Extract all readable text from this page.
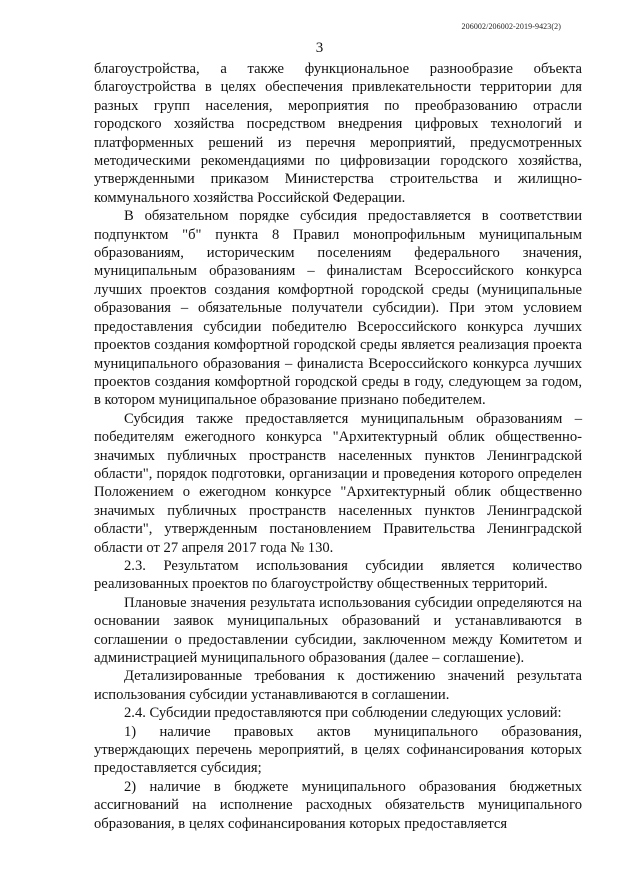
206002/206002-2019-9423(2)
3

благоустройства, а также функциональное разнообразие объекта благоустройства в целях обеспечения привлекательности территории для разных групп населения, мероприятия по преобразованию отрасли городского хозяйства посредством внедрения цифровых технологий и платформенных решений из перечня мероприятий, предусмотренных методическими рекомендациями по цифровизации городского хозяйства, утвержденными приказом Министерства строительства и жилищно-коммунального хозяйства Российской Федерации.

В обязательном порядке субсидия предоставляется в соответствии подпунктом "б" пункта 8 Правил монопрофильным муниципальным образованиям, историческим поселениям федерального значения, муниципальным образованиям – финалистам Всероссийского конкурса лучших проектов создания комфортной городской среды (муниципальные образования – обязательные получатели субсидии). При этом условием предоставления субсидии победителю Всероссийского конкурса лучших проектов создания комфортной городской среды является реализация проекта муниципального образования – финалиста Всероссийского конкурса лучших проектов создания комфортной городской среды в году, следующем за годом, в котором муниципальное образование признано победителем.

Субсидия также предоставляется муниципальным образованиям – победителям ежегодного конкурса "Архитектурный облик общественно-значимых публичных пространств населенных пунктов Ленинградской области", порядок подготовки, организации и проведения которого определен Положением о ежегодном конкурсе "Архитектурный облик общественно значимых публичных пространств населенных пунктов Ленинградской области", утвержденным постановлением Правительства Ленинградской области от 27 апреля 2017 года № 130.

2.3. Результатом использования субсидии является количество реализованных проектов по благоустройству общественных территорий.

Плановые значения результата использования субсидии определяются на основании заявок муниципальных образований и устанавливаются в соглашении о предоставлении субсидии, заключенном между Комитетом и администрацией муниципального образования (далее – соглашение).

Детализированные требования к достижению значений результата использования субсидии устанавливаются в соглашении.

2.4. Субсидии предоставляются при соблюдении следующих условий:

1) наличие правовых актов муниципального образования, утверждающих перечень мероприятий, в целях софинансирования которых предоставляется субсидия;

2) наличие в бюджете муниципального образования бюджетных ассигнований на исполнение расходных обязательств муниципального образования, в целях софинансирования которых предоставляется
